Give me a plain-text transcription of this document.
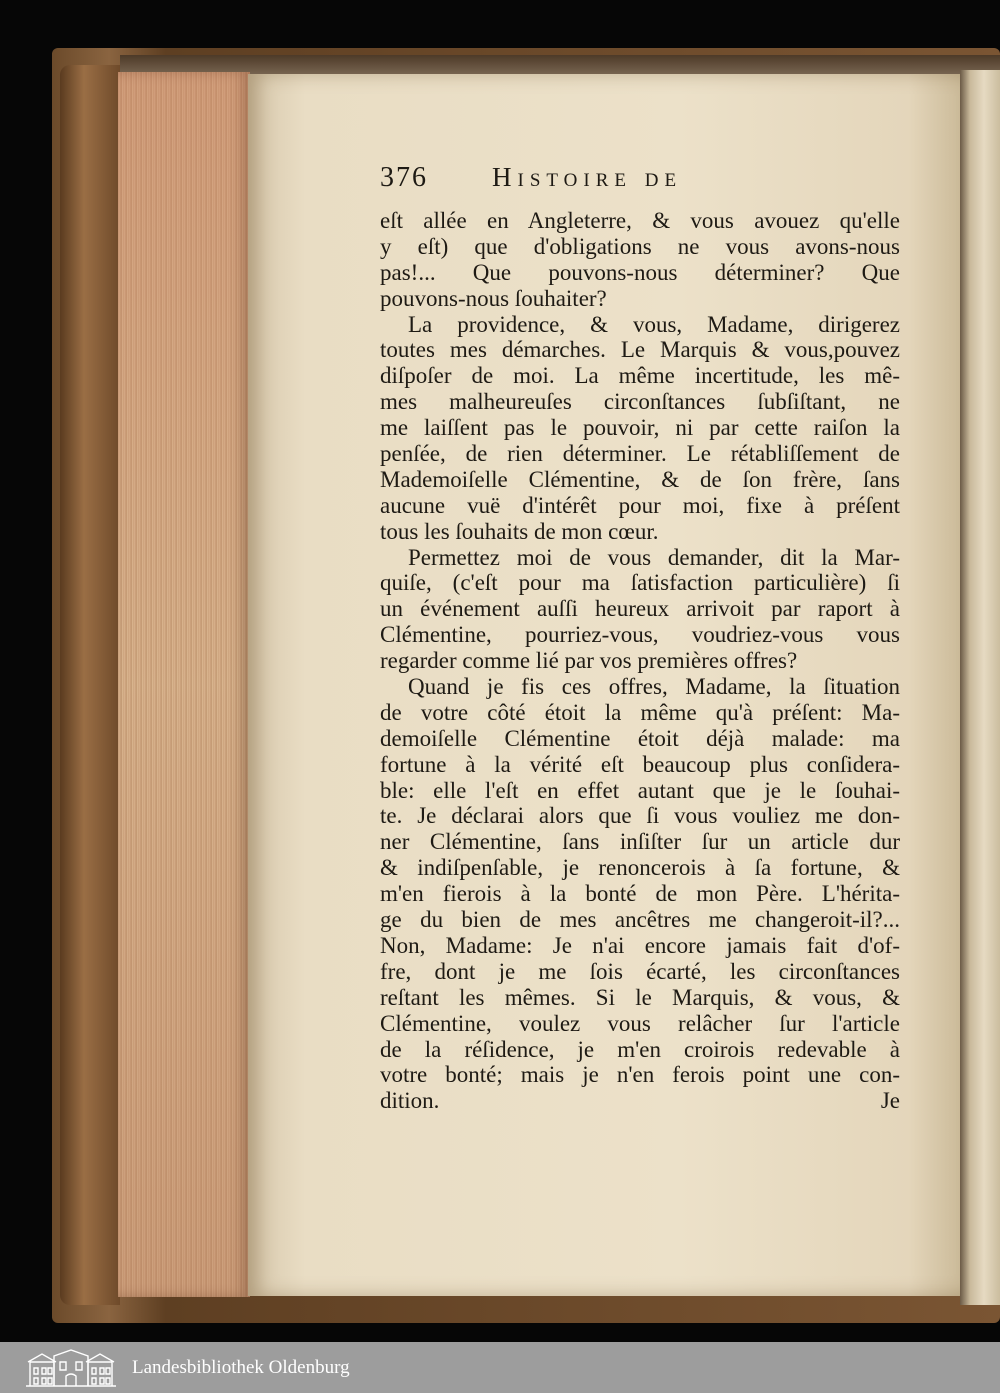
376	Histoire de
eſt allée en Angleterre, & vous avouez qu'elle
y eſt) que d'obligations ne vous avons-nous
pas!... Que pouvons-nous déterminer? Que
pouvons-nous ſouhaiter?
La providence, & vous, Madame, dirigerez
toutes mes démarches. Le Marquis & vous,pouvez
diſpoſer de moi. La même incertitude, les mê-
mes malheureuſes circonſtances ſubſiſtant, ne
me laiſſent pas le pouvoir, ni par cette raiſon la
penſée, de rien déterminer. Le rétabliſſement de
Mademoiſelle Clémentine, & de ſon frère, ſans
aucune vuë d'intérêt pour moi, fixe à préſent
tous les ſouhaits de mon cœur.
Permettez moi de vous demander, dit la Mar-
quiſe, (c'eſt pour ma ſatisfaction particulière) ſi
un événement auſſi heureux arrivoit par raport à
Clémentine, pourriez-vous, voudriez-vous vous
regarder comme lié par vos premières offres?
Quand je fis ces offres, Madame, la ſituation
de votre côté étoit la même qu'à préſent: Ma-
demoiſelle Clémentine étoit déjà malade: ma
fortune à la vérité eſt beaucoup plus conſidera-
ble: elle l'eſt en effet autant que je le ſouhai-
te. Je déclarai alors que ſi vous vouliez me don-
ner Clémentine, ſans inſiſter ſur un article dur
& indiſpenſable, je renoncerois à ſa fortune, &
m'en fierois à la bonté de mon Père. L'hérita-
ge du bien de mes ancêtres me changeroit-il?...
Non, Madame: Je n'ai encore jamais fait d'of-
fre, dont je me ſois écarté, les circonſtances
reſtant les mêmes. Si le Marquis, & vous, &
Clémentine, voulez vous relâcher ſur l'article
de la réſidence, je m'en croirois redevable à
votre bonté; mais je n'en ferois point une con-
dition.	Je
Landesbibliothek Oldenburg
